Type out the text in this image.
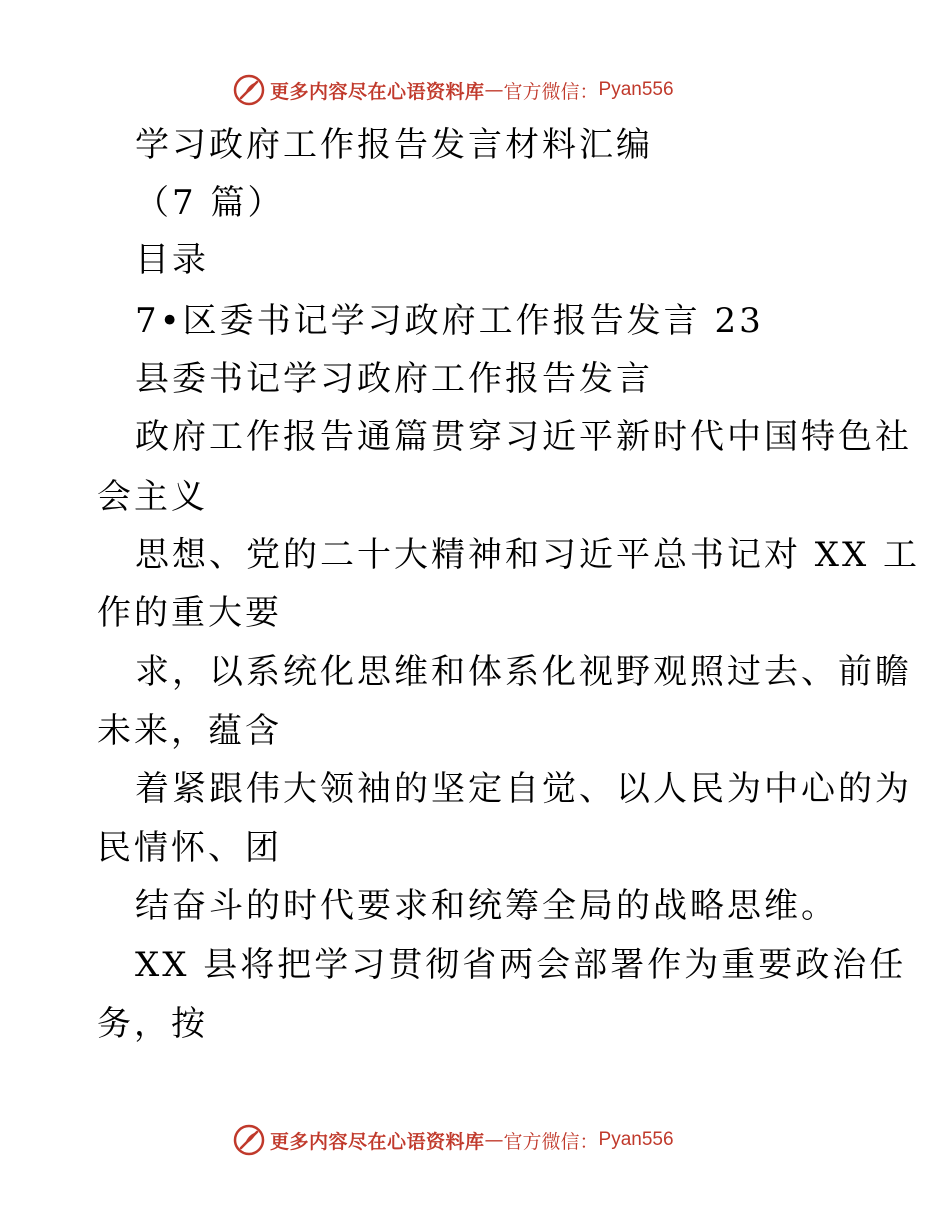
更多内容尽在心语资料库 — 官方微信： Pyan556
学习政府工作报告发言材料汇编
（7 篇）
目录
7•区委书记学习政府工作报告发言 23
县委书记学习政府工作报告发言
政府工作报告通篇贯穿习近平新时代中国特色社
会主义
思想、党的二十大精神和习近平总书记对 XX 工
作的重大要
求，以系统化思维和体系化视野观照过去、前瞻
未来，蕴含
着紧跟伟大领袖的坚定自觉、以人民为中心的为
民情怀、团
结奋斗的时代要求和统筹全局的战略思维。
XX 县将把学习贯彻省两会部署作为重要政治任
务，按
更多内容尽在心语资料库 — 官方微信： Pyan556
